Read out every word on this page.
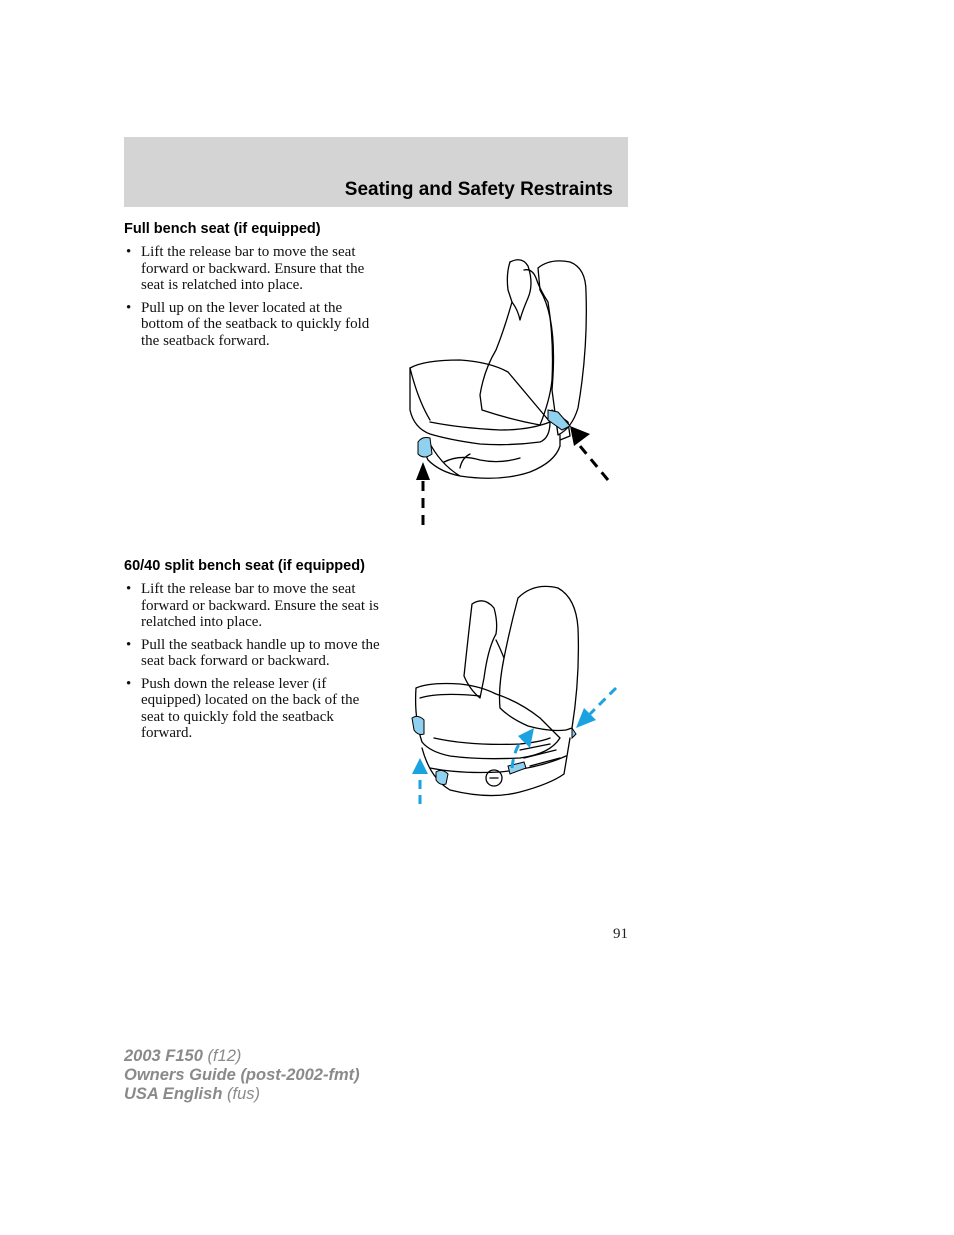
Seating and Safety Restraints
Full bench seat (if equipped)
• Lift the release bar to move the seat forward or backward. Ensure that the seat is relatched into place.
• Pull up on the lever located at the bottom of the seatback to quickly fold the seatback forward.
60/40 split bench seat (if equipped)
• Lift the release bar to move the seat forward or backward. Ensure the seat is relatched into place.
• Pull the seatback handle up to move the seat back forward or backward.
• Push down the release lever (if equipped) located on the back of the seat to quickly fold the seatback forward.
91
2003 F150 (f12)
Owners Guide (post-2002-fmt)
USA English (fus)
